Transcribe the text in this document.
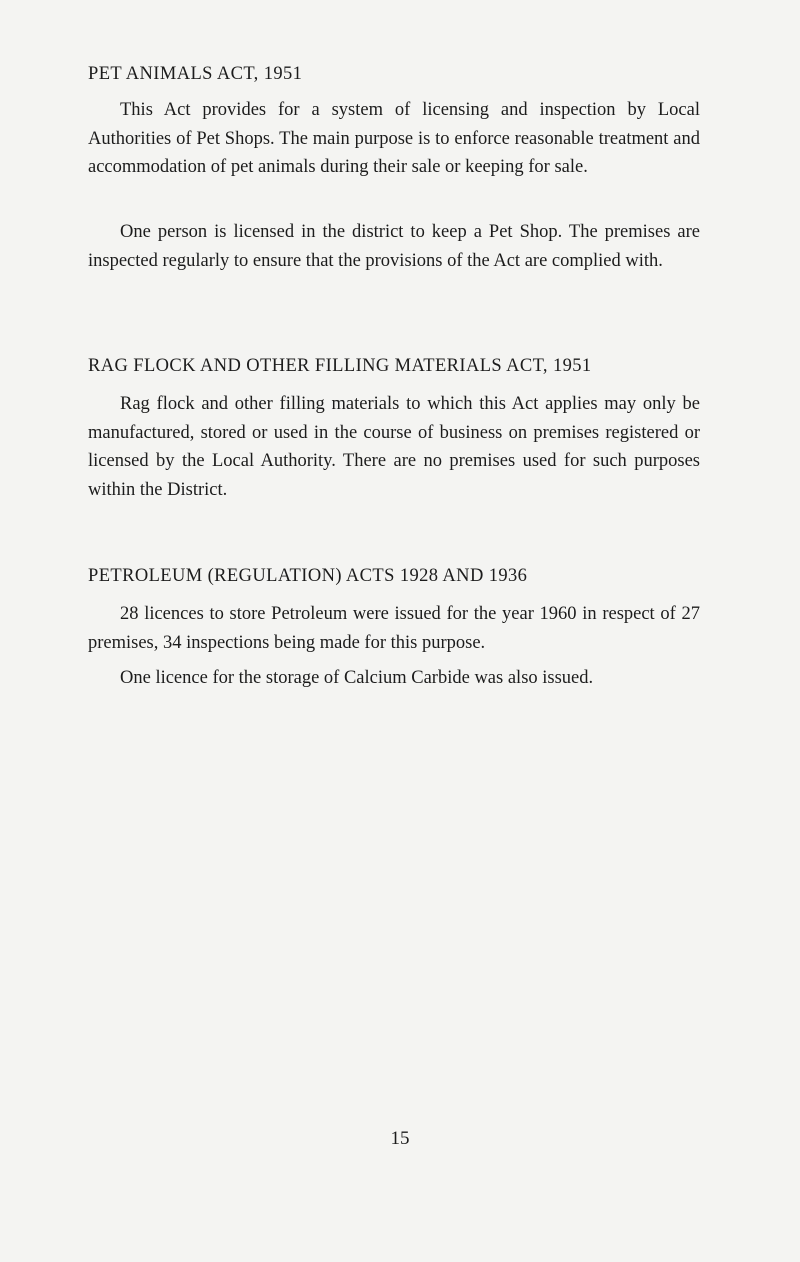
PET ANIMALS ACT, 1951

This Act provides for a system of licensing and inspection by Local Authorities of Pet Shops. The main purpose is to enforce reasonable treatment and accommodation of pet animals during their sale or keeping for sale.

One person is licensed in the district to keep a Pet Shop. The premises are inspected regularly to ensure that the provisions of the Act are complied with.

RAG FLOCK AND OTHER FILLING MATERIALS ACT, 1951

Rag flock and other filling materials to which this Act applies may only be manufactured, stored or used in the course of business on premises registered or licensed by the Local Authority. There are no premises used for such purposes within the District.

PETROLEUM (REGULATION) ACTS 1928 AND 1936

28 licences to store Petroleum were issued for the year 1960 in respect of 27 premises, 34 inspections being made for this purpose.

One licence for the storage of Calcium Carbide was also issued.

15
